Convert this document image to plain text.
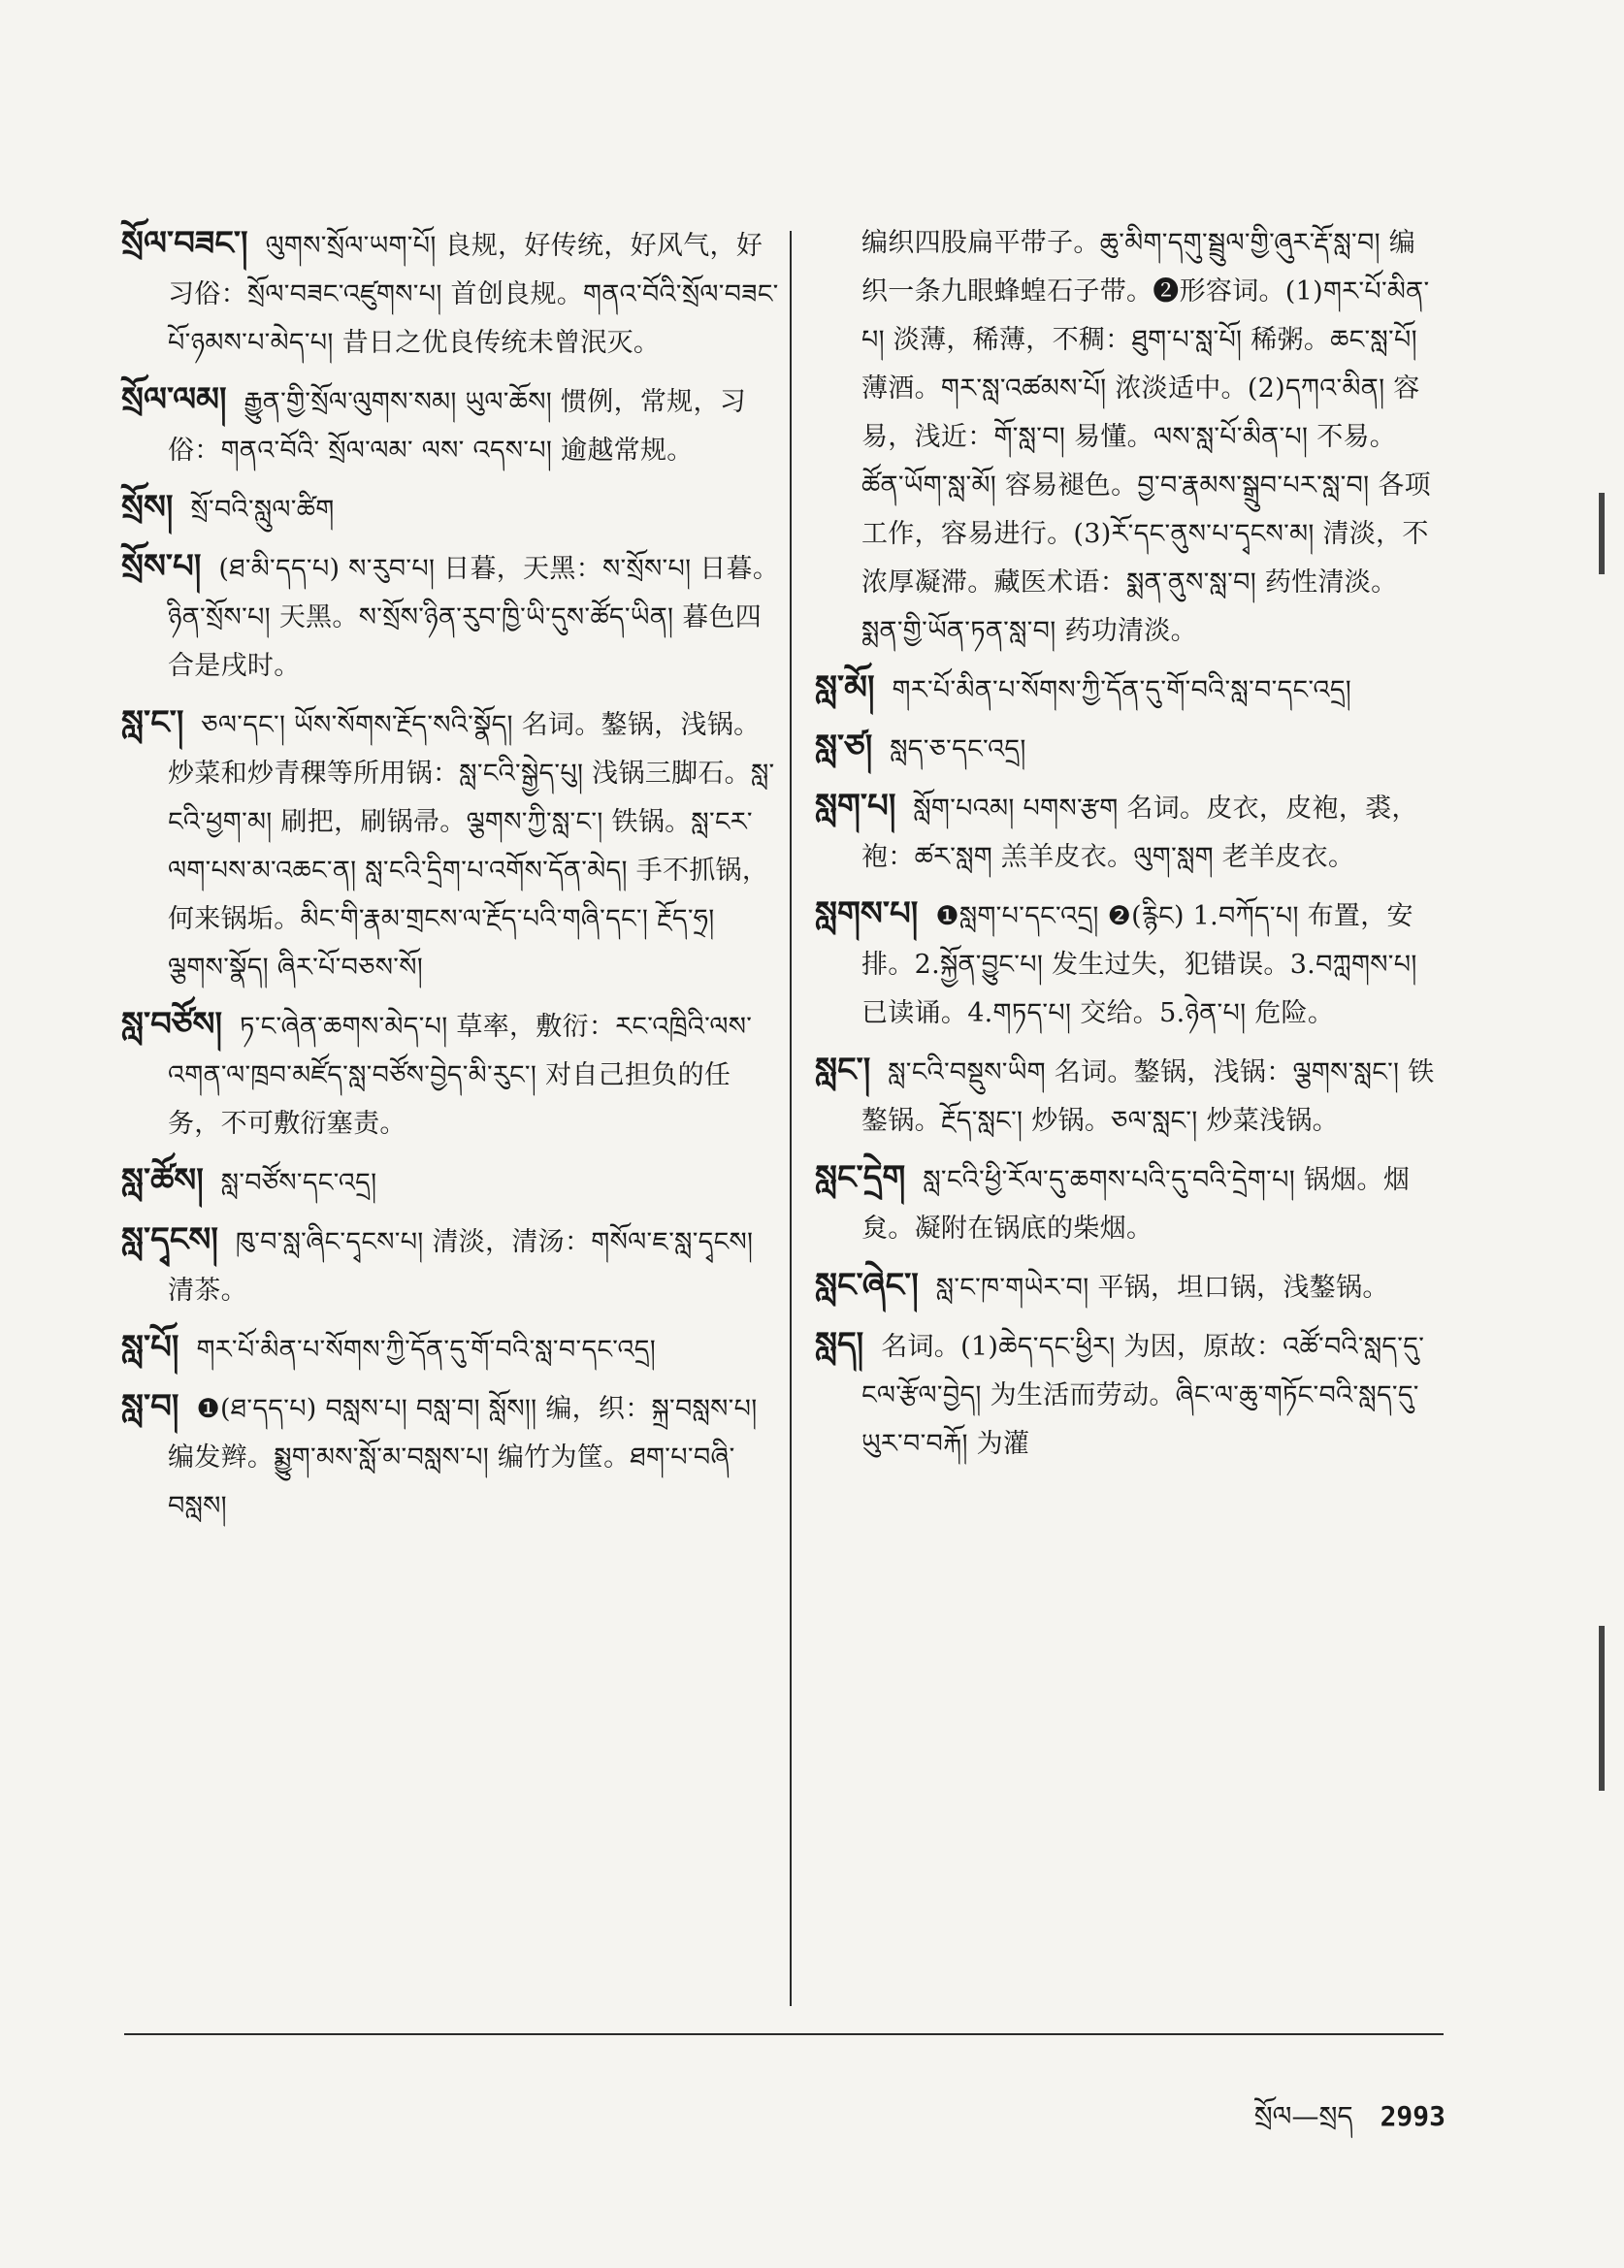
སྲོལ་བཟང་། ལུགས་སྲོལ་ཡག་པོ། 良规，好传统，好风气，好习俗：སྲོལ་བཟང་འཛུགས་པ། 首创良规。གནའ་བོའི་སྲོལ་བཟང་པོ་ཉམས་པ་མེད་པ། 昔日之优良传统未曾泯灭。

སྲོལ་ལམ། རྒྱུན་གྱི་སྲོལ་ལུགས་སམ། ཡུལ་ཆོས། 惯例，常规，习俗：གནའ་བོའི་ སྲོལ་ལམ་ ལས་ འདས་པ། 逾越常规。

སྲོས། སྲོ་བའི་སླུལ་ཚིག

སྲོས་པ། (ཐ་མི་དད་པ) ས་རུབ་པ། 日暮，天黑：ས་སྲོས་པ། 日暮。ཉིན་སྲོས་པ། 天黑。ས་སྲོས་ཉིན་རུབ་ཁྱི་ཡི་དུས་ཚོད་ཡིན། 暮色四合是戌时。

སླ་ང་། ཅལ་དང་། ཡོས་སོགས་རྔོད་སའི་སྣོད། 名词。鏊锅，浅锅。炒菜和炒青稞等所用锅：སླ་ངའི་སྒྱེད་པུ། 浅锅三脚石。སླ་ངའི་ཕྱག་མ། 刷把，刷锅帚。ལྕགས་ཀྱི་སླ་ང་། 铁锅。སླ་ངར་ལག་པས་མ་འཆང་ན། སླ་ངའི་དྲིག་པ་འགོས་དོན་མེད། 手不抓锅，何来锅垢。མིང་གི་རྣམ་གྲངས་ལ་རྔོད་པའི་གཞི་དང་། རྔོད་ཧྲ། ལྕགས་སྣོད། ཞིར་པོ་བཅས་སོ།

སླ་བཙོས། ཏ་ང་ཞེན་ཆགས་མེད་པ། 草率，敷衍：རང་འཁྲིའི་ལས་འགན་ལ་ཁྲབ་མཛོད་སླ་བཙོས་བྱེད་མི་རུང་། 对自己担负的任务，不可敷衍塞责。

སླ་ཚོས། སླ་བཙོས་དང་འདྲ།

སླ་དྭངས། ཁུ་བ་སླ་ཞིང་དྭངས་པ། 清淡，清汤：གསོལ་ཇ་སླ་དྭངས། 清茶。

སླ་པོ། གར་པོ་མིན་པ་སོགས་ཀྱི་དོན་དུ་གོ་བའི་སླ་བ་དང་འདྲ།

སླ་བ། ❶(ཐ་དད་པ) བསླས་པ། བསླ་བ། སློས།། 编，织：སྐྲ་བསླས་པ། 编发辫。སྨྱུག་མས་སློ་མ་བསླས་པ། 编竹为筐。ཐག་པ་བཞི་བསླས།

编织四股扁平带子。ཆུ་མིག་དགུ་སྦྲུལ་གྱི་ཞུར་རྡོ་སླ་བ། 编织一条九眼蜂蝗石子带。❷形容词。(1)གར་པོ་མིན་པ། 淡薄，稀薄，不稠：ཐུག་པ་སླ་པོ། 稀粥。ཆང་སླ་པོ། 薄酒。གར་སླ་འཚམས་པོ། 浓淡适中。(2)དཀའ་མིན། 容易，浅近：གོ་སླ་བ། 易懂。ལས་སླ་པོ་མིན་པ། 不易。ཚོན་ཡོག་སླ་མོ། 容易褪色。བྱ་བ་རྣམས་སྒྲུབ་པར་སླ་བ། 各项工作，容易进行。(3)རོ་དང་ནུས་པ་དྭངས་མ། 清淡，不浓厚凝滞。藏医术语：སྨན་ནུས་སླ་བ། 药性清淡。སྨན་གྱི་ཡོན་ཏན་སླ་བ། 药功清淡。

སླ་མོ། གར་པོ་མིན་པ་སོགས་ཀྱི་དོན་དུ་གོ་བའི་སླ་བ་དང་འདྲ།

སླ་ཙ། སླད་ཅ་དང་འདྲ།

སླག་པ། སློག་པའམ། པགས་རྩག 名词。皮衣，皮袍，裘，袍：ཚར་སླག 羔羊皮衣。ལུག་སླག 老羊皮衣。

སླགས་པ། ❶སླག་པ་དང་འདྲ། ❷(རྙིང) 1.བཀོད་པ། 布置，安排。2.སྐྱོན་བྱུང་པ། 发生过失，犯错误。3.བཀླགས་པ། 已读诵。4.གཏད་པ། 交给。5.ཉེན་པ། 危险。

སླང་། སླ་ངའི་བསྡུས་ཡིག 名词。鏊锅，浅锅：ལྕགས་སླང་། 铁鏊锅。རྔོད་སླང་། 炒锅。ཅལ་སླང་། 炒菜浅锅。

སླང་དྲེག སླ་ངའི་ཕྱི་རོལ་དུ་ཆགས་པའི་དུ་བའི་དྲེག་པ། 锅烟。烟炱。凝附在锅底的柴烟。

སླང་ཞེང་། སླ་ང་ཁ་གཡེར་བ། 平锅，坦口锅，浅鏊锅。

སླད། 名词。(1)ཆེད་དང་ཕྱིར། 为因，原故：འཚོ་བའི་སླད་དུ་ངལ་རྩོལ་བྱེད། 为生活而劳动。ཞིང་ལ་ཆུ་གཏོང་བའི་སླད་དུ་ཡུར་བ་བརྐོ། 为灌

སྲོལ—སྲད 2993
